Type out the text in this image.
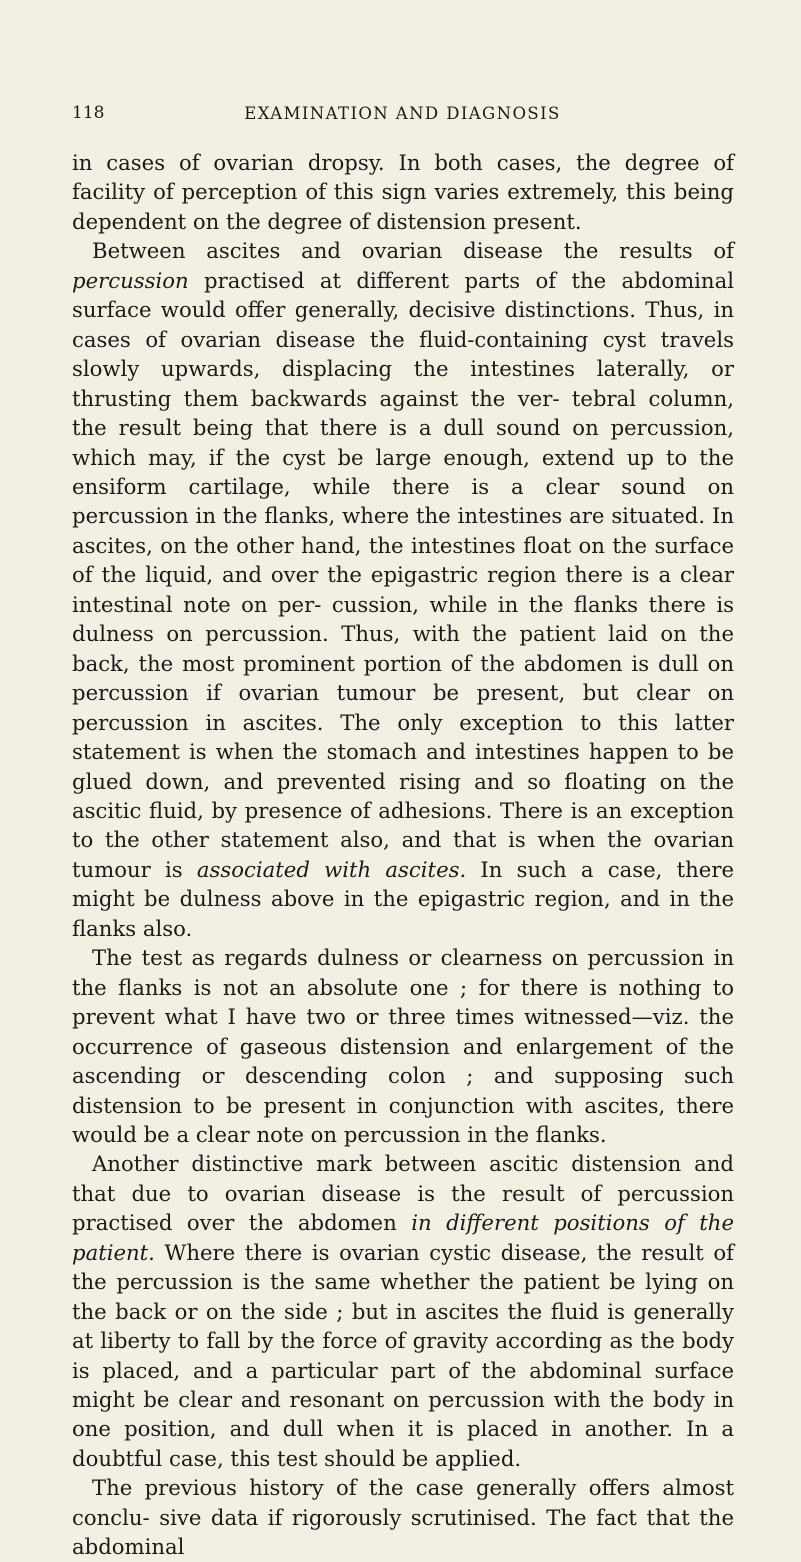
118	EXAMINATION AND DIAGNOSIS

in cases of ovarian dropsy. In both cases, the degree of facility of perception of this sign varies extremely, this being dependent on the degree of distension present.

Between ascites and ovarian disease the results of percussion practised at different parts of the abdominal surface would offer generally, decisive distinctions. Thus, in cases of ovarian disease the fluid-containing cyst travels slowly upwards, displacing the intestines laterally, or thrusting them backwards against the ver- tebral column, the result being that there is a dull sound on percussion, which may, if the cyst be large enough, extend up to the ensiform cartilage, while there is a clear sound on percussion in the flanks, where the intestines are situated. In ascites, on the other hand, the intestines float on the surface of the liquid, and over the epigastric region there is a clear intestinal note on per- cussion, while in the flanks there is dulness on percussion. Thus, with the patient laid on the back, the most prominent portion of the abdomen is dull on percussion if ovarian tumour be present, but clear on percussion in ascites. The only exception to this latter statement is when the stomach and intestines happen to be glued down, and prevented rising and so floating on the ascitic fluid, by presence of adhesions. There is an exception to the other statement also, and that is when the ovarian tumour is associated with ascites. In such a case, there might be dulness above in the epigastric region, and in the flanks also.

The test as regards dulness or clearness on percussion in the flanks is not an absolute one ; for there is nothing to prevent what I have two or three times witnessed—viz. the occurrence of gaseous distension and enlargement of the ascending or descending colon ; and supposing such distension to be present in conjunction with ascites, there would be a clear note on percussion in the flanks.

Another distinctive mark between ascitic distension and that due to ovarian disease is the result of percussion practised over the abdomen in different positions of the patient. Where there is ovarian cystic disease, the result of the percussion is the same whether the patient be lying on the back or on the side ; but in ascites the fluid is generally at liberty to fall by the force of gravity according as the body is placed, and a particular part of the abdominal surface might be clear and resonant on percussion with the body in one position, and dull when it is placed in another. In a doubtful case, this test should be applied.

The previous history of the case generally offers almost conclu- sive data if rigorously scrutinised. The fact that the abdominal
